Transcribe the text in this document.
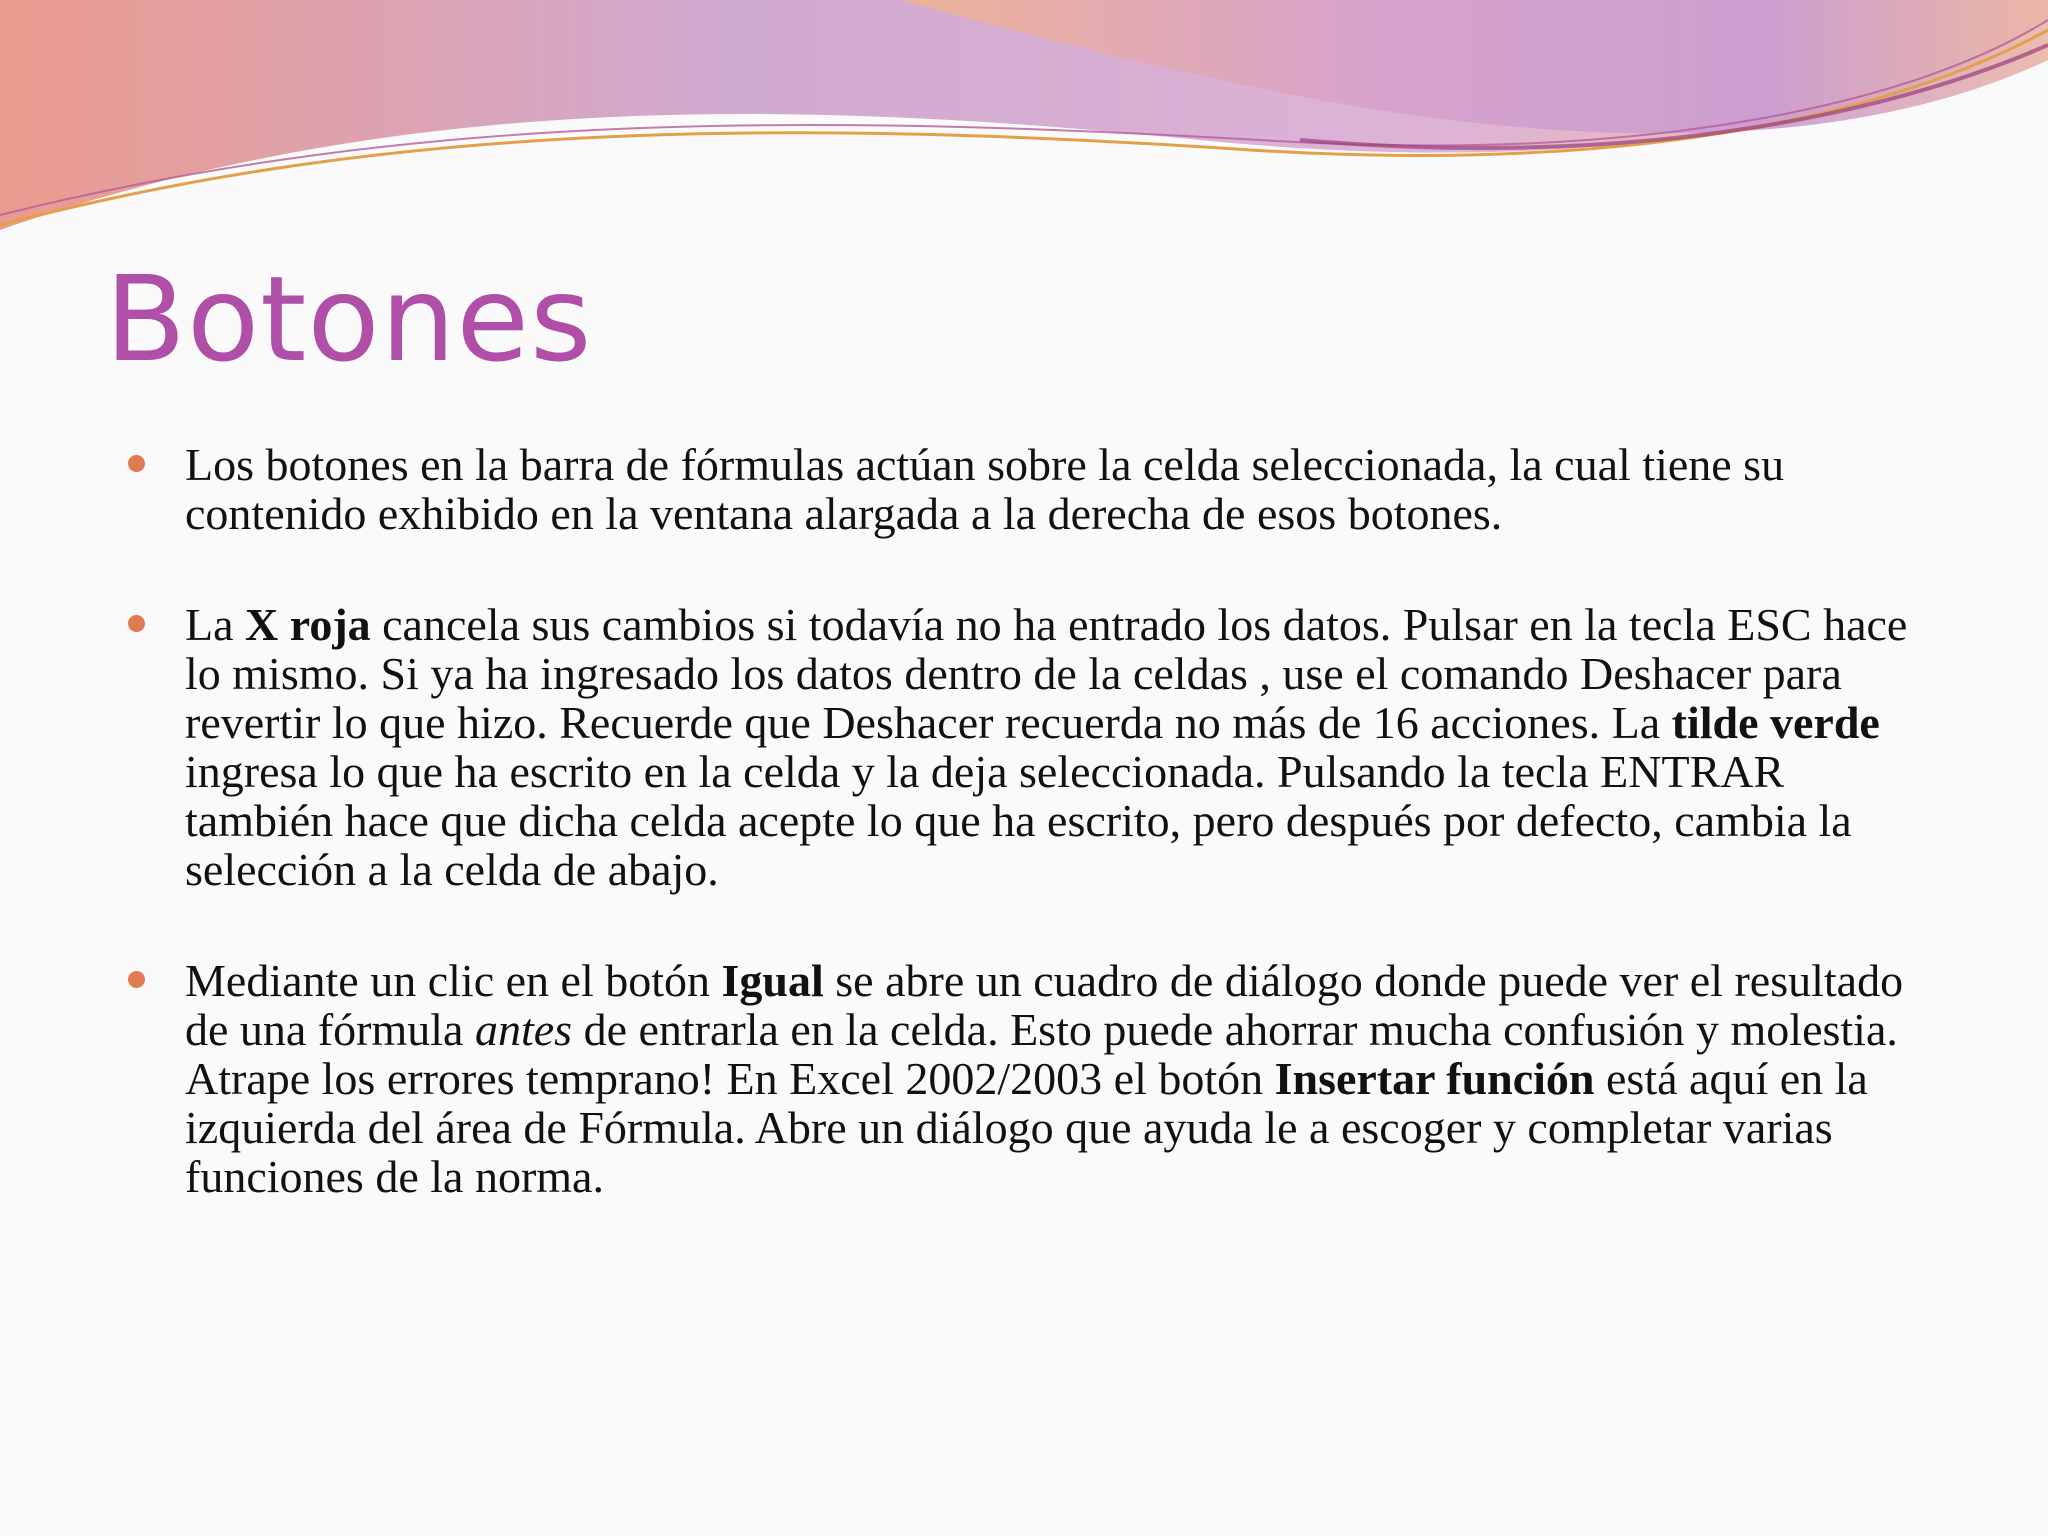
Botones
Los botones en la barra de fórmulas actúan sobre la celda seleccionada, la cual tiene su contenido exhibido en la ventana alargada a la derecha de esos botones.
La X roja cancela sus cambios si todavía no ha entrado los datos. Pulsar en la tecla ESC hace lo mismo. Si ya ha ingresado los datos dentro de la celdas , use el comando Deshacer para revertir lo que hizo. Recuerde que Deshacer recuerda no más de 16 acciones. La tilde verde ingresa lo que ha escrito en la celda y la deja seleccionada. Pulsando la tecla ENTRAR también hace que dicha celda acepte lo que ha escrito, pero después por defecto, cambia la selección a la celda de abajo.
Mediante un clic en el botón Igual se abre un cuadro de diálogo donde puede ver el resultado de una fórmula antes de entrarla en la celda. Esto puede ahorrar mucha confusión y molestia. Atrape los errores temprano! En Excel 2002/2003 el botón Insertar función está aquí en la izquierda del área de Fórmula. Abre un diálogo que ayuda le a escoger y completar varias funciones de la norma.
